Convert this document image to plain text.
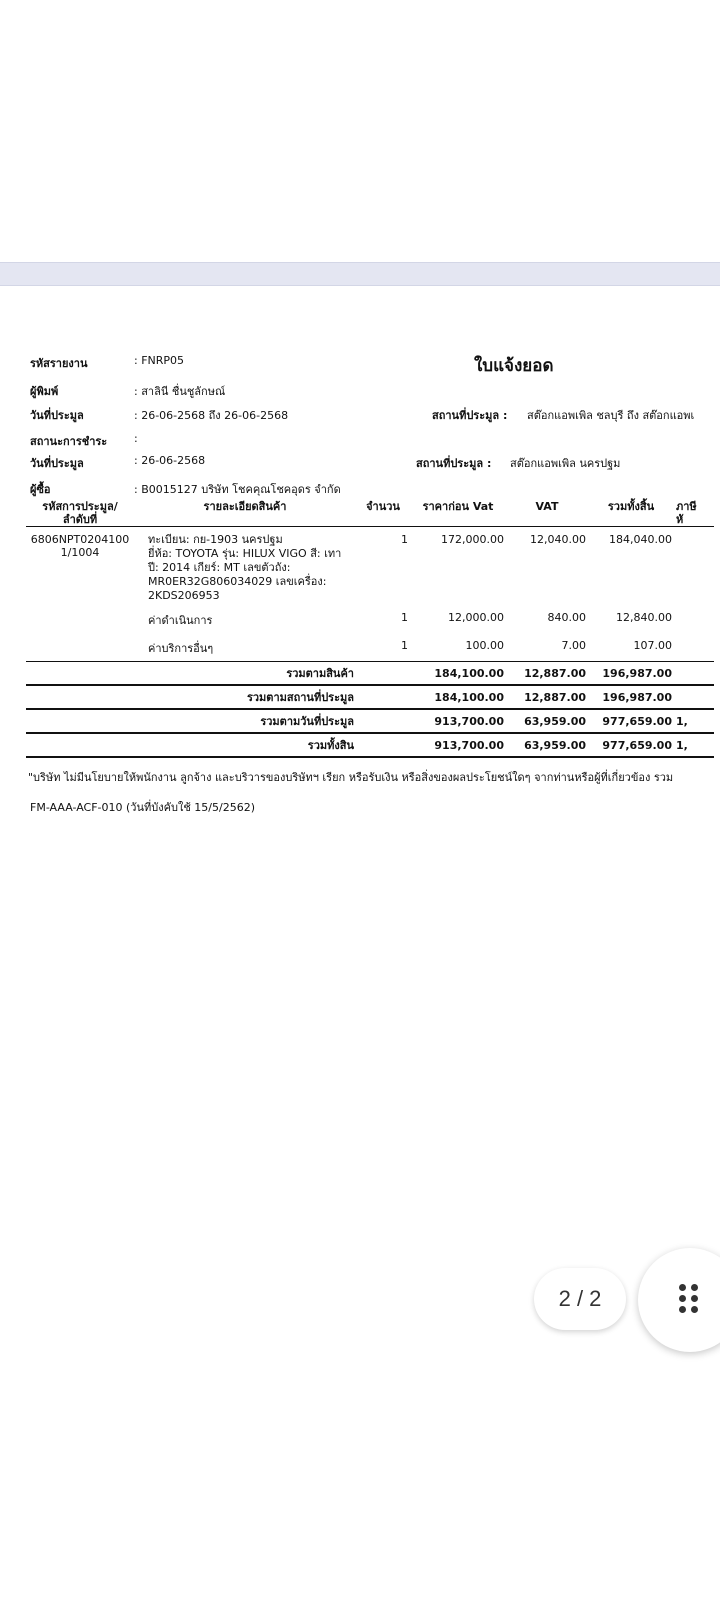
รหัสรายงาน	: FNRP05	ใบแจ้งยอด
ผู้พิมพ์	: สาลินี ชื่นชูลักษณ์
วันที่ประมูล	: 26-06-2568 ถึง 26-06-2568	สถานที่ประมูล : สต๊อกแอพเพิล ชลบุรี ถึง สต๊อกแอพเ
สถานะการชำระ :
วันที่ประมูล	: 26-06-2568	สถานที่ประมูล : สต๊อกแอพเพิล นครปฐม
ผู้ซื้อ	: B0015127 บริษัท โชคคุณโชคอุดร จำกัด
รหัสการประมูล/
ลำดับที่	รายละเอียดสินค้า	จำนวน	ราคาก่อน Vat	VAT	รวมทั้งสิ้น	ภาษี
หั
6806NPT0204100
1/1004	ทะเบียน: กย-1903 นครปฐม
ยี่ห้อ: TOYOTA รุ่น: HILUX VIGO สี: เทา
ปี: 2014 เกียร์: MT เลขตัวถัง:
MR0ER32G806034029 เลขเครื่อง:
2KDS206953	1	172,000.00	12,040.00	184,040.00	
	ค่าดำเนินการ	1	12,000.00	840.00	12,840.00	
	ค่าบริการอื่นๆ	1	100.00	7.00	107.00	
รวมตามสินค้า			184,100.00	12,887.00	196,987.00	
รวมตามสถานที่ประมูล			184,100.00	12,887.00	196,987.00	
รวมตามวันที่ประมูล			913,700.00	63,959.00	977,659.00	1,
รวมทั้งสิน			913,700.00	63,959.00	977,659.00	1,
"บริษัท ไม่มีนโยบายให้พนักงาน ลูกจ้าง และบริวารของบริษัทฯ เรียก หรือรับเงิน หรือสิ่งของผลประโยชน์ใดๆ จากท่านหรือผู้ที่เกี่ยวข้อง รวม
FM-AAA-ACF-010 (วันที่บังคับใช้ 15/5/2562)
2 / 2
